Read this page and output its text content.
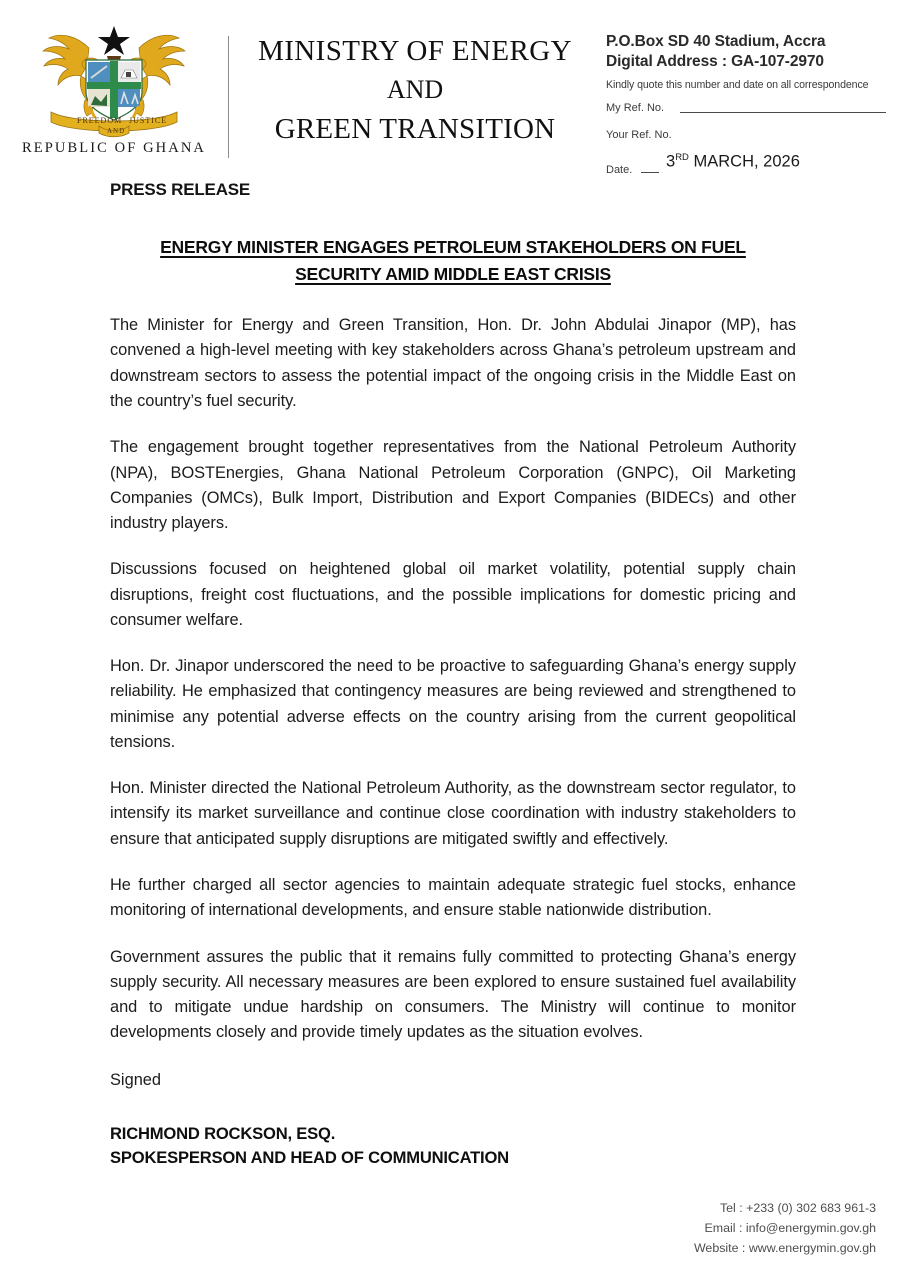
FREEDOM JUSTICE
AND
REPUBLIC OF GHANA
MINISTRY OF ENERGY
AND
GREEN TRANSITION
P.O.Box SD 40 Stadium, Accra
Digital Address : GA-107-2970
Kindly quote this number and date on all correspondence
My Ref. No.
Your Ref. No.
Date. 3RD MARCH, 2026
PRESS RELEASE
ENERGY MINISTER ENGAGES PETROLEUM STAKEHOLDERS ON FUEL
SECURITY AMID MIDDLE EAST CRISIS

The Minister for Energy and Green Transition, Hon. Dr. John Abdulai Jinapor (MP), has convened a high-level meeting with key stakeholders across Ghana’s petroleum upstream and downstream sectors to assess the potential impact of the ongoing crisis in the Middle East on the country’s fuel security.

The engagement brought together representatives from the National Petroleum Authority (NPA), BOSTEnergies, Ghana National Petroleum Corporation (GNPC), Oil Marketing Companies (OMCs), Bulk Import, Distribution and Export Companies (BIDECs) and other industry players.

Discussions focused on heightened global oil market volatility, potential supply chain disruptions, freight cost fluctuations, and the possible implications for domestic pricing and consumer welfare.

Hon. Dr. Jinapor underscored the need to be proactive to safeguarding Ghana’s energy supply reliability. He emphasized that contingency measures are being reviewed and strengthened to minimise any potential adverse effects on the country arising from the current geopolitical tensions.

Hon. Minister directed the National Petroleum Authority, as the downstream sector regulator, to intensify its market surveillance and continue close coordination with industry stakeholders to ensure that anticipated supply disruptions are mitigated swiftly and effectively.

He further charged all sector agencies to maintain adequate strategic fuel stocks, enhance monitoring of international developments, and ensure stable nationwide distribution.

Government assures the public that it remains fully committed to protecting Ghana’s energy supply security. All necessary measures are been explored to ensure sustained fuel availability and to mitigate undue hardship on consumers. The Ministry will continue to monitor developments closely and provide timely updates as the situation evolves.

Signed
RICHMOND ROCKSON, ESQ.
SPOKESPERSON AND HEAD OF COMMUNICATION
Tel : +233 (0) 302 683 961-3
Email : info@energymin.gov.gh
Website : www.energymin.gov.gh
